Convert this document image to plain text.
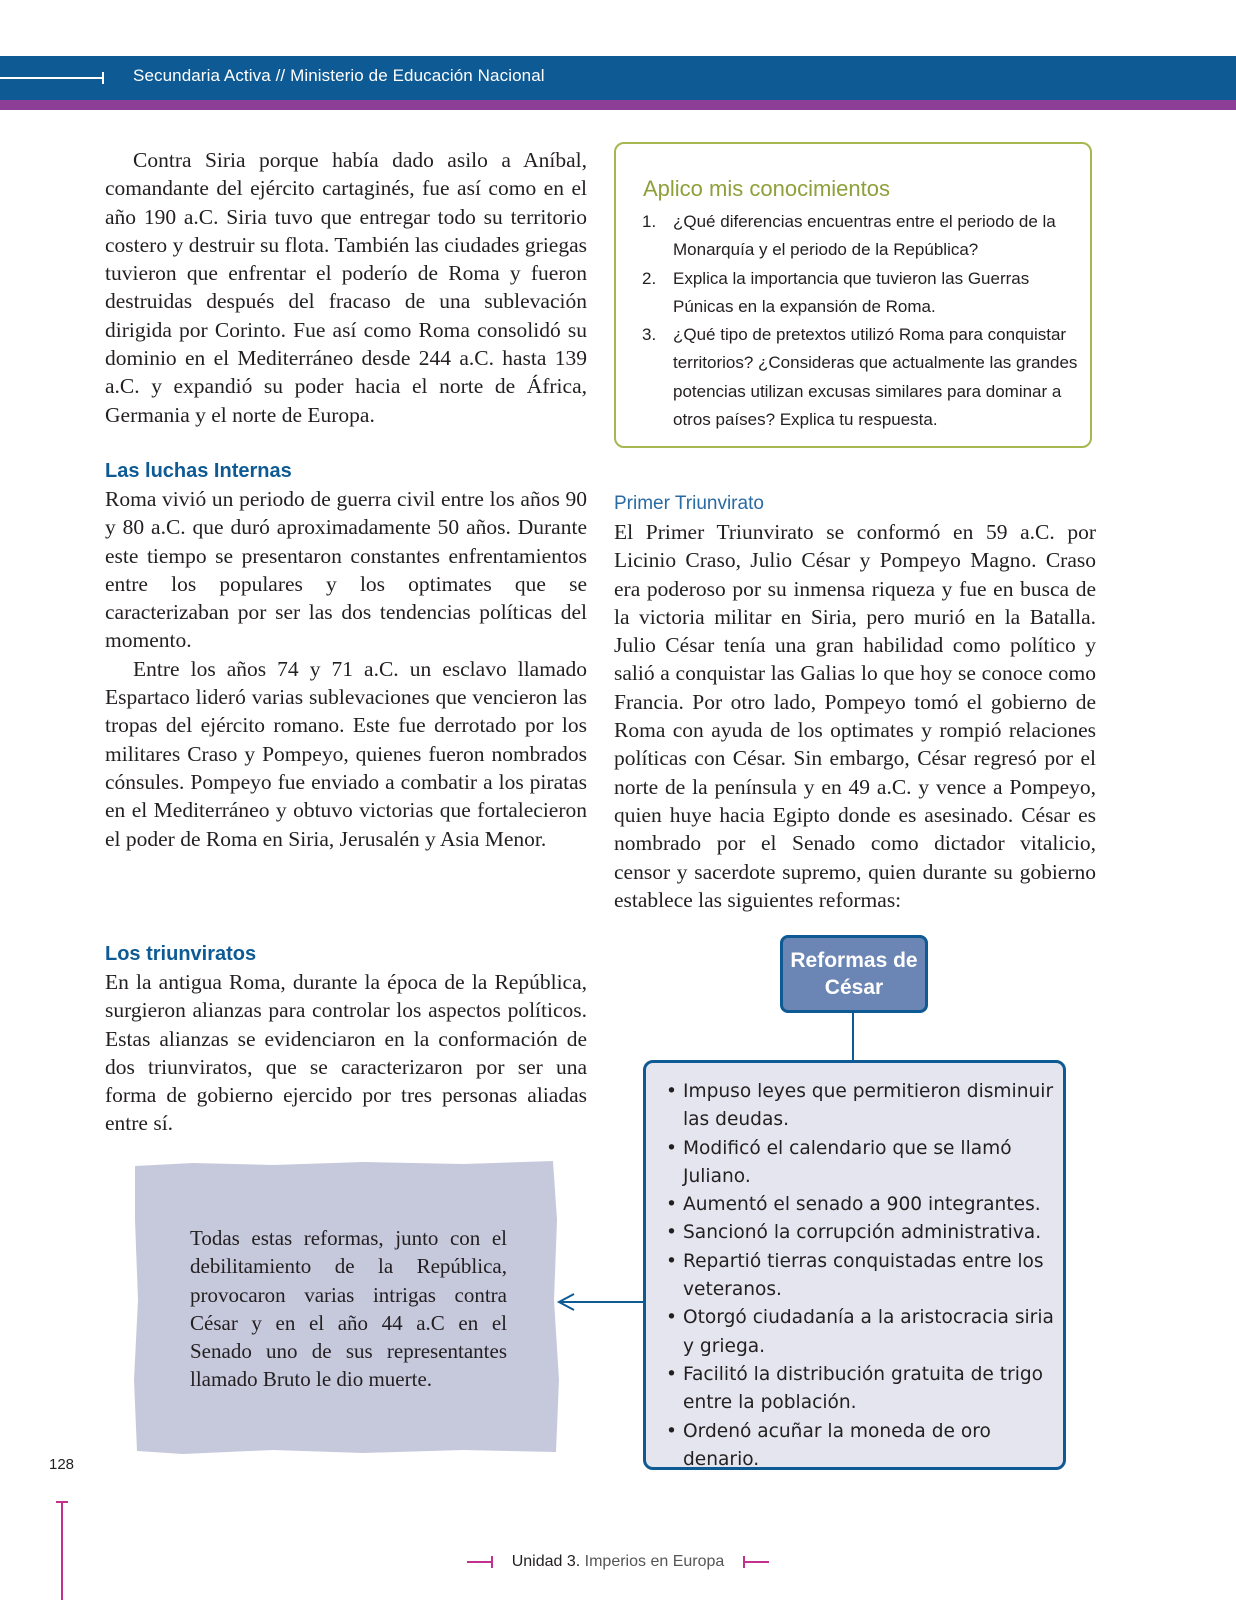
Secundaria Activa // Ministerio de Educación Nacional

Contra Siria porque había dado asilo a Aníbal, comandante del ejército cartaginés, fue así como en el año 190 a.C. Siria tuvo que entregar todo su territorio costero y destruir su flota. También las ciudades griegas tuvieron que enfrentar el poderío de Roma y fueron destruidas después del fracaso de una sublevación dirigida por Corinto. Fue así como Roma consolidó su dominio en el Mediterráneo desde 244 a.C. hasta 139 a.C. y expandió su poder hacia el norte de África, Germania y el norte de Europa.

Las luchas Internas

Roma vivió un periodo de guerra civil entre los años 90 y 80 a.C. que duró aproximadamente 50 años. Durante este tiempo se presentaron constantes enfrentamientos entre los populares y los optimates que se caracterizaban por ser las dos tendencias políticas del momento.

Entre los años 74 y 71 a.C. un esclavo llamado Espartaco lideró varias sublevaciones que vencieron las tropas del ejército romano. Este fue derrotado por los militares Craso y Pompeyo, quienes fueron nombrados cónsules. Pompeyo fue enviado a combatir a los piratas en el Mediterráneo y obtuvo victorias que fortalecieron el poder de Roma en Siria, Jerusalén y Asia Menor.

Los triunviratos

En la antigua Roma, durante la época de la República, surgieron alianzas para controlar los aspectos políticos. Estas alianzas se evidenciaron en la conformación de dos triunviratos, que se caracterizaron por ser una forma de gobierno ejercido por tres personas aliadas entre sí.

Aplico mis conocimientos
1. ¿Qué diferencias encuentras entre el periodo de la Monarquía y el periodo de la República?
2. Explica la importancia que tuvieron las Guerras Púnicas en la expansión de Roma.
3. ¿Qué tipo de pretextos utilizó Roma para conquistar territorios? ¿Consideras que actualmente las grandes potencias utilizan excusas similares para dominar a otros países? Explica tu respuesta.

Primer Triunvirato

El Primer Triunvirato se conformó en 59 a.C. por Licinio Craso, Julio César y Pompeyo Magno. Craso era poderoso por su inmensa riqueza y fue en busca de la victoria militar en Siria, pero murió en la Batalla. Julio César tenía una gran habilidad como político y salió a conquistar las Galias lo que hoy se conoce como Francia. Por otro lado, Pompeyo tomó el gobierno de Roma con ayuda de los optimates y rompió relaciones políticas con César. Sin embargo, César regresó por el norte de la península y en 49 a.C. y vence a Pompeyo, quien huye hacia Egipto donde es asesinado. César es nombrado por el Senado como dictador vitalicio, censor y sacerdote supremo, quien durante su gobierno establece las siguientes reformas:

Reformas de César
• Impuso leyes que permitieron disminuir las deudas.
• Modificó el calendario que se llamó Juliano.
• Aumentó el senado a 900 integrantes.
• Sancionó la corrupción administrativa.
• Repartió tierras conquistadas entre los veteranos.
• Otorgó ciudadanía a la aristocracia siria y griega.
• Facilitó la distribución gratuita de trigo entre la población.
• Ordenó acuñar la moneda de oro denario.
Todas estas reformas, junto con el debilitamiento de la República, provocaron varias intrigas contra César y en el año 44 a.C en el Senado uno de sus representantes llamado Bruto le dio muerte.
128
Unidad 3. Imperios en Europa
